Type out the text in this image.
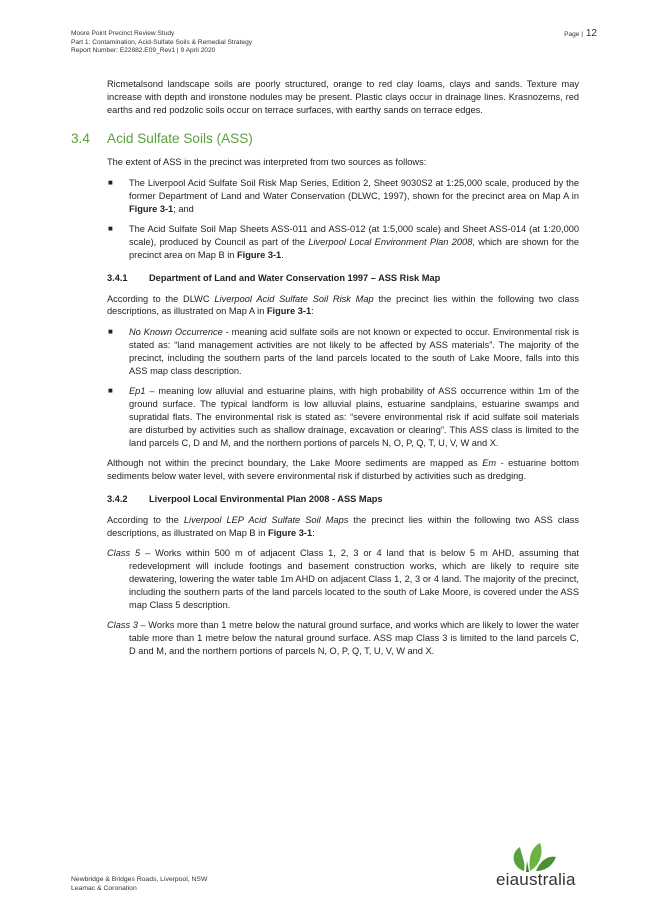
Moore Point Precinct Review Study
Part 1: Contamination, Acid-Sulfate Soils & Remedial Strategy
Report Number: E22882.E09_Rev1 | 9 April 2020
Page | 12

Ricmetalsond landscape soils are poorly structured, orange to red clay loams, clays and sands. Texture may increase with depth and ironstone nodules may be present. Plastic clays occur in drainage lines. Krasnozems, red earths and red podzolic soils occur on terrace surfaces, with earthy sands on terrace edges.

3.4 Acid Sulfate Soils (ASS)

The extent of ASS in the precinct was interpreted from two sources as follows:

■ The Liverpool Acid Sulfate Soil Risk Map Series, Edition 2, Sheet 9030S2 at 1:25,000 scale, produced by the former Department of Land and Water Conservation (DLWC, 1997), shown for the precinct area on Map A in Figure 3-1; and
■ The Acid Sulfate Soil Map Sheets ASS-011 and ASS-012 (at 1:5,000 scale) and Sheet ASS-014 (at 1:20,000 scale), produced by Council as part of the Liverpool Local Environment Plan 2008, which are shown for the precinct area on Map B in Figure 3-1.
3.4.1 Department of Land and Water Conservation 1997 – ASS Risk Map

According to the DLWC Liverpool Acid Sulfate Soil Risk Map the precinct lies within the following two class descriptions, as illustrated on Map A in Figure 3-1:

■ No Known Occurrence - meaning acid sulfate soils are not known or expected to occur. Environmental risk is stated as: “land management activities are not likely to be affected by ASS materials”. The majority of the precinct, including the southern parts of the land parcels located to the south of Lake Moore, falls into this ASS map class description.
■ Ep1 – meaning low alluvial and estuarine plains, with high probability of ASS occurrence within 1m of the ground surface. The typical landform is low alluvial plains, estuarine sandplains, estuarine swamps and supratidal flats. The environmental risk is stated as: “severe environmental risk if acid sulfate soil materials are disturbed by activities such as shallow drainage, excavation or clearing”. This ASS class is limited to the land parcels C, D and M, and the northern portions of parcels N, O, P, Q, T, U, V, W and X.

Although not within the precinct boundary, the Lake Moore sediments are mapped as Em - estuarine bottom sediments below water level, with severe environmental risk if disturbed by activities such as dredging.

3.4.2 Liverpool Local Environmental Plan 2008 - ASS Maps

According to the Liverpool LEP Acid Sulfate Soil Maps the precinct lies within the following two ASS class descriptions, as illustrated on Map B in Figure 3-1:

Class 5 – Works within 500 m of adjacent Class 1, 2, 3 or 4 land that is below 5 m AHD, assuming that redevelopment will include footings and basement construction works, which are likely to require site dewatering, lowering the water table 1m AHD on adjacent Class 1, 2, 3 or 4 land. The majority of the precinct, including the southern parts of the land parcels located to the south of Lake Moore, is covered under the ASS map Class 5 description.
Class 3 – Works more than 1 metre below the natural ground surface, and works which are likely to lower the water table more than 1 metre below the natural ground surface. ASS map Class 3 is limited to the land parcels C, D and M, and the northern portions of parcels N, O, P, Q, T, U, V, W and X.
Newbridge & Bridges Roads, Liverpool, NSW
Leamac & Coronation	eiaustralia
